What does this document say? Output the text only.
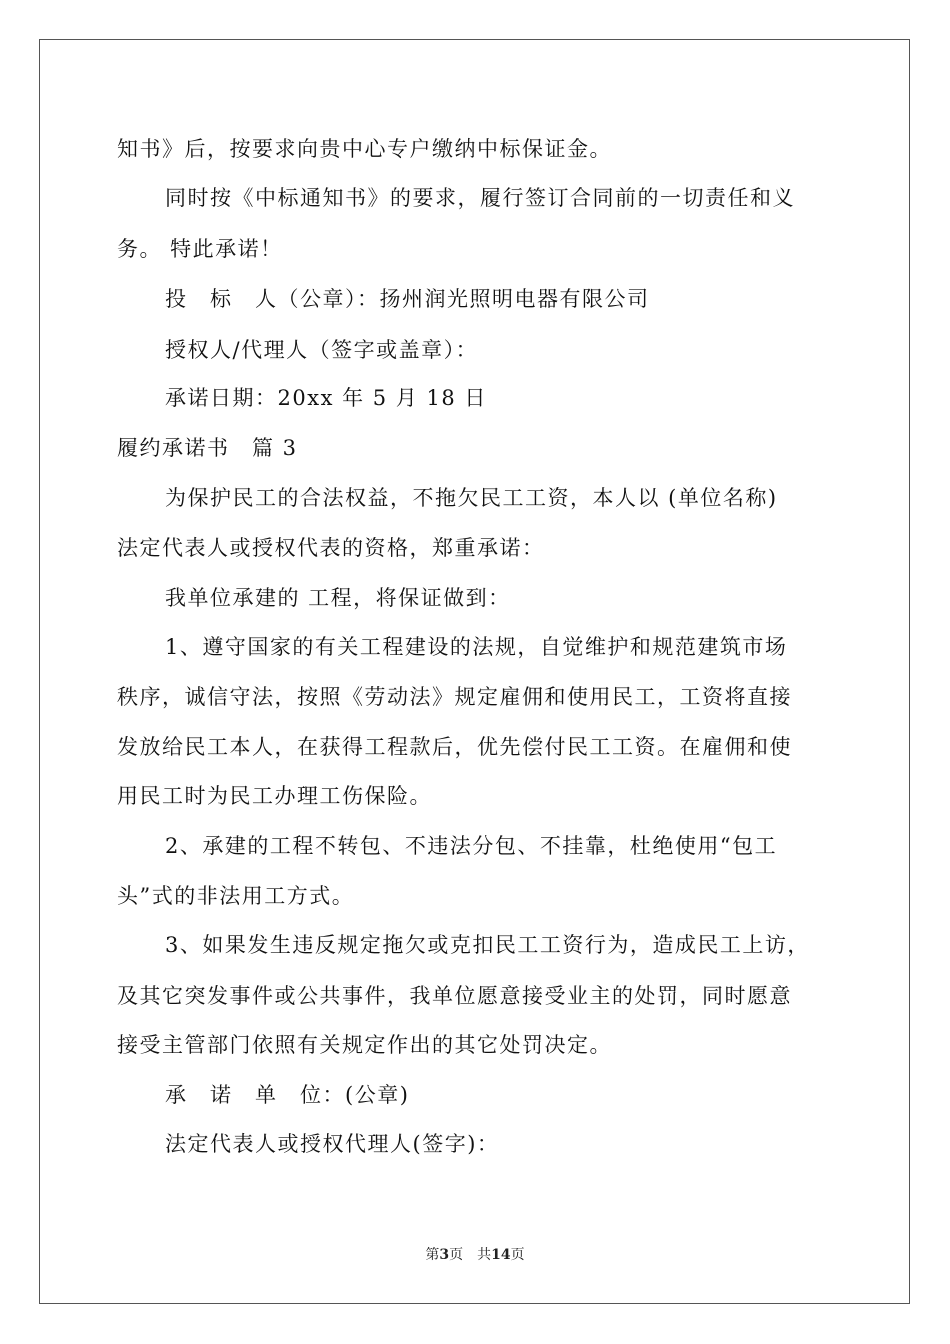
知书》后，按要求向贵中心专户缴纳中标保证金。
同时按《中标通知书》的要求，履行签订合同前的一切责任和义
务。 特此承诺！
投　标　人（公章）：扬州润光照明电器有限公司
授权人/代理人（签字或盖章）：
承诺日期：20xx 年 5 月 18 日
履约承诺书　篇 3
为保护民工的合法权益，不拖欠民工工资，本人以 (单位名称)
法定代表人或授权代表的资格，郑重承诺：
我单位承建的 工程，将保证做到：
1、遵守国家的有关工程建设的法规，自觉维护和规范建筑市场
秩序，诚信守法，按照《劳动法》规定雇佣和使用民工，工资将直接
发放给民工本人，在获得工程款后，优先偿付民工工资。在雇佣和使
用民工时为民工办理工伤保险。
2、承建的工程不转包、不违法分包、不挂靠，杜绝使用“包工
头”式的非法用工方式。
3、如果发生违反规定拖欠或克扣民工工资行为，造成民工上访，
及其它突发事件或公共事件，我单位愿意接受业主的处罚，同时愿意
接受主管部门依照有关规定作出的其它处罚决定。
承　诺　单　位：(公章)
法定代表人或授权代理人(签字)：
第3页 共14页
